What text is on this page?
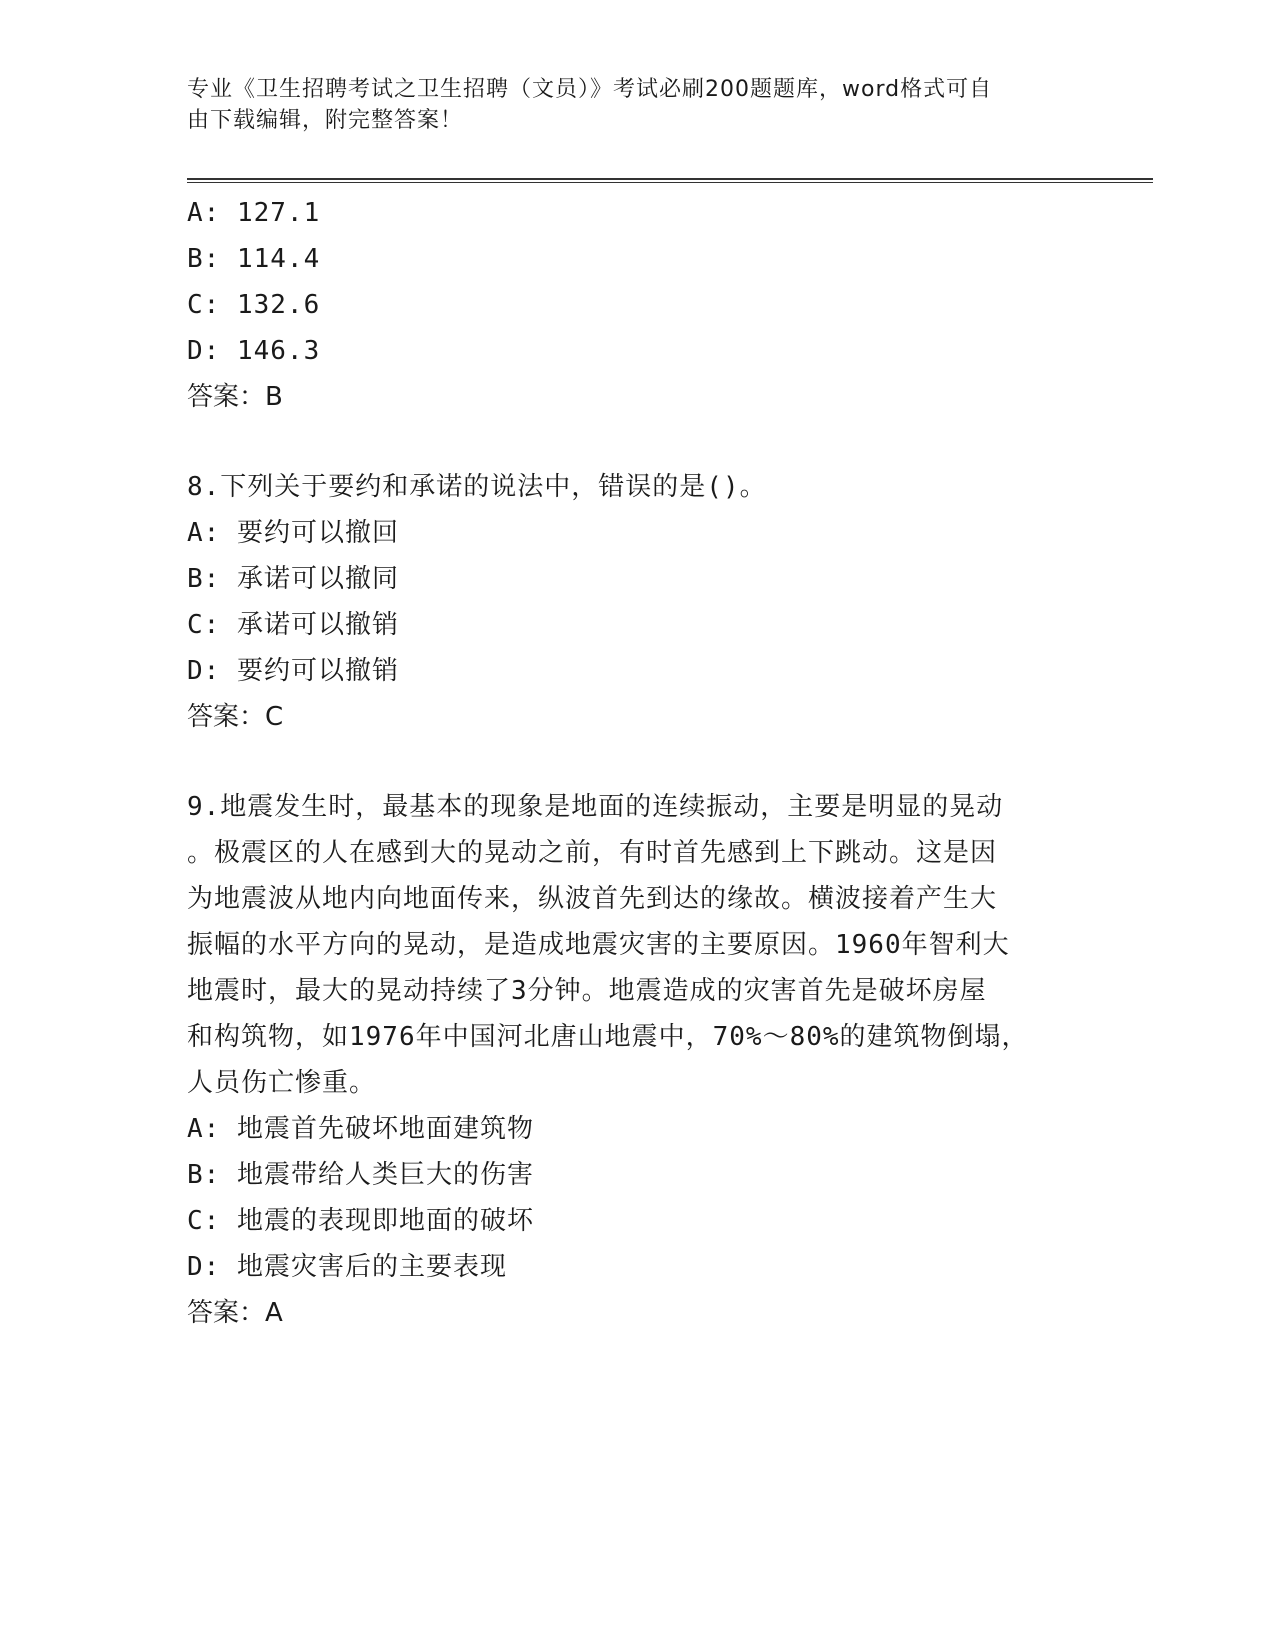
专业《卫生招聘考试之卫生招聘（文员）》考试必刷200题题库，word格式可自
由下载编辑，附完整答案！
A: 127.1
B: 114.4
C: 132.6
D: 146.3
答案：B
8.下列关于要约和承诺的说法中，错误的是()。
A: 要约可以撤回
B: 承诺可以撤同
C: 承诺可以撤销
D: 要约可以撤销
答案：C
9.地震发生时，最基本的现象是地面的连续振动，主要是明显的晃动
。极震区的人在感到大的晃动之前，有时首先感到上下跳动。这是因
为地震波从地内向地面传来，纵波首先到达的缘故。横波接着产生大
振幅的水平方向的晃动，是造成地震灾害的主要原因。1960年智利大
地震时，最大的晃动持续了3分钟。地震造成的灾害首先是破坏房屋
和构筑物，如1976年中国河北唐山地震中，70%～80%的建筑物倒塌，
人员伤亡惨重。
A: 地震首先破坏地面建筑物
B: 地震带给人类巨大的伤害
C: 地震的表现即地面的破坏
D: 地震灾害后的主要表现
答案：A
